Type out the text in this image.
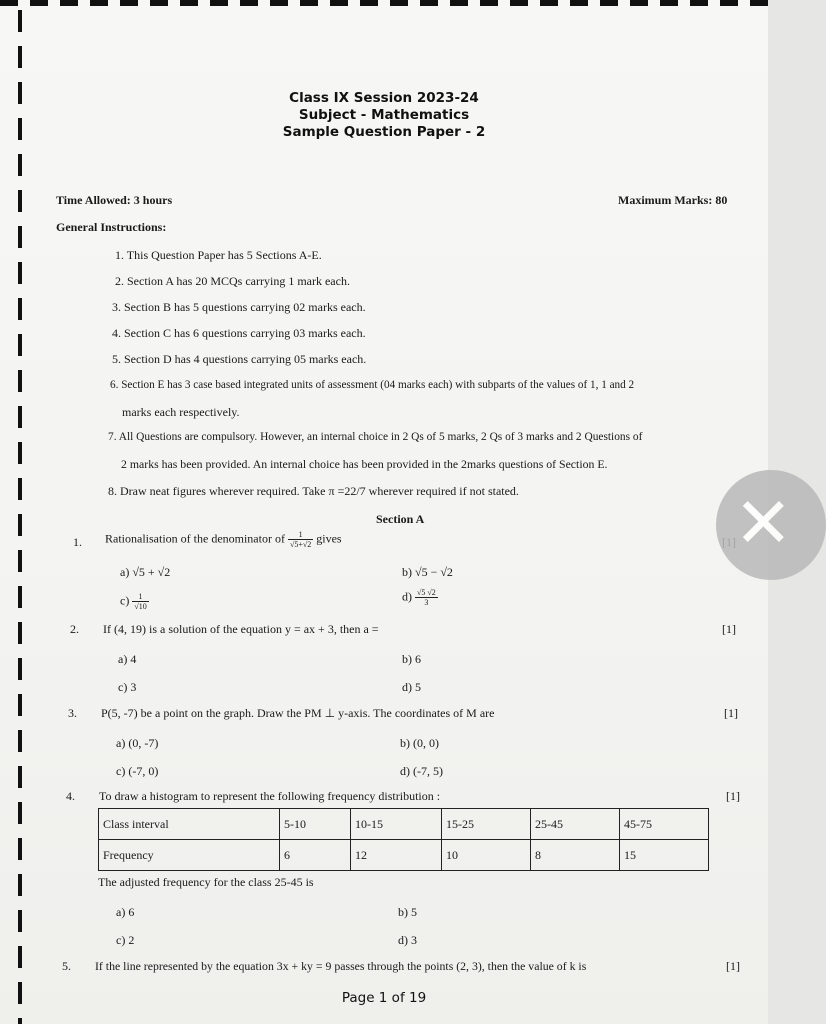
Class IX Session 2023-24
Subject - Mathematics
Sample Question Paper - 2
Time Allowed: 3 hours	Maximum Marks: 80
General Instructions:
1. This Question Paper has 5 Sections A-E.
2. Section A has 20 MCQs carrying 1 mark each.
3. Section B has 5 questions carrying 02 marks each.
4. Section C has 6 questions carrying 03 marks each.
5. Section D has 4 questions carrying 05 marks each.
6. Section E has 3 case based integrated units of assessment (04 marks each) with subparts of the values of 1, 1 and 2
marks each respectively.
7. All Questions are compulsory. However, an internal choice in 2 Qs of 5 marks, 2 Qs of 3 marks and 2 Questions of
2 marks has been provided. An internal choice has been provided in the 2marks questions of Section E.
8. Draw neat figures wherever required. Take π =22/7 wherever required if not stated.
Section A
1. Rationalisation of the denominator of $\frac{1}{√5+√2}$ gives
a) √5 + √2	b) √5 − √2
$c) \frac{1}{√10}$	$d) \frac{√5 √2}{3}$
2. If (4, 19) is a solution of the equation y = ax + 3, then a =	[1]
a) 4	b) 6
c) 3	d) 5
3. P(5, -7) be a point on the graph. Draw the PM ⊥ y-axis. The coordinates of M are	[1]
a) (0, -7)	b) (0, 0)
c) (-7, 0)	d) (-7, 5)
4. To draw a histogram to represent the following frequency distribution :	[1]
Class interval	5-10	10-15	15-25	25-45	45-75
Frequency	6	12	10	8	15
The adjusted frequency for the class 25-45 is
a) 6	b) 5
c) 2	d) 3
5. If the line represented by the equation 3x + ky = 9 passes through the points (2, 3), then the value of k is	[1]
Page 1 of 19
✕
